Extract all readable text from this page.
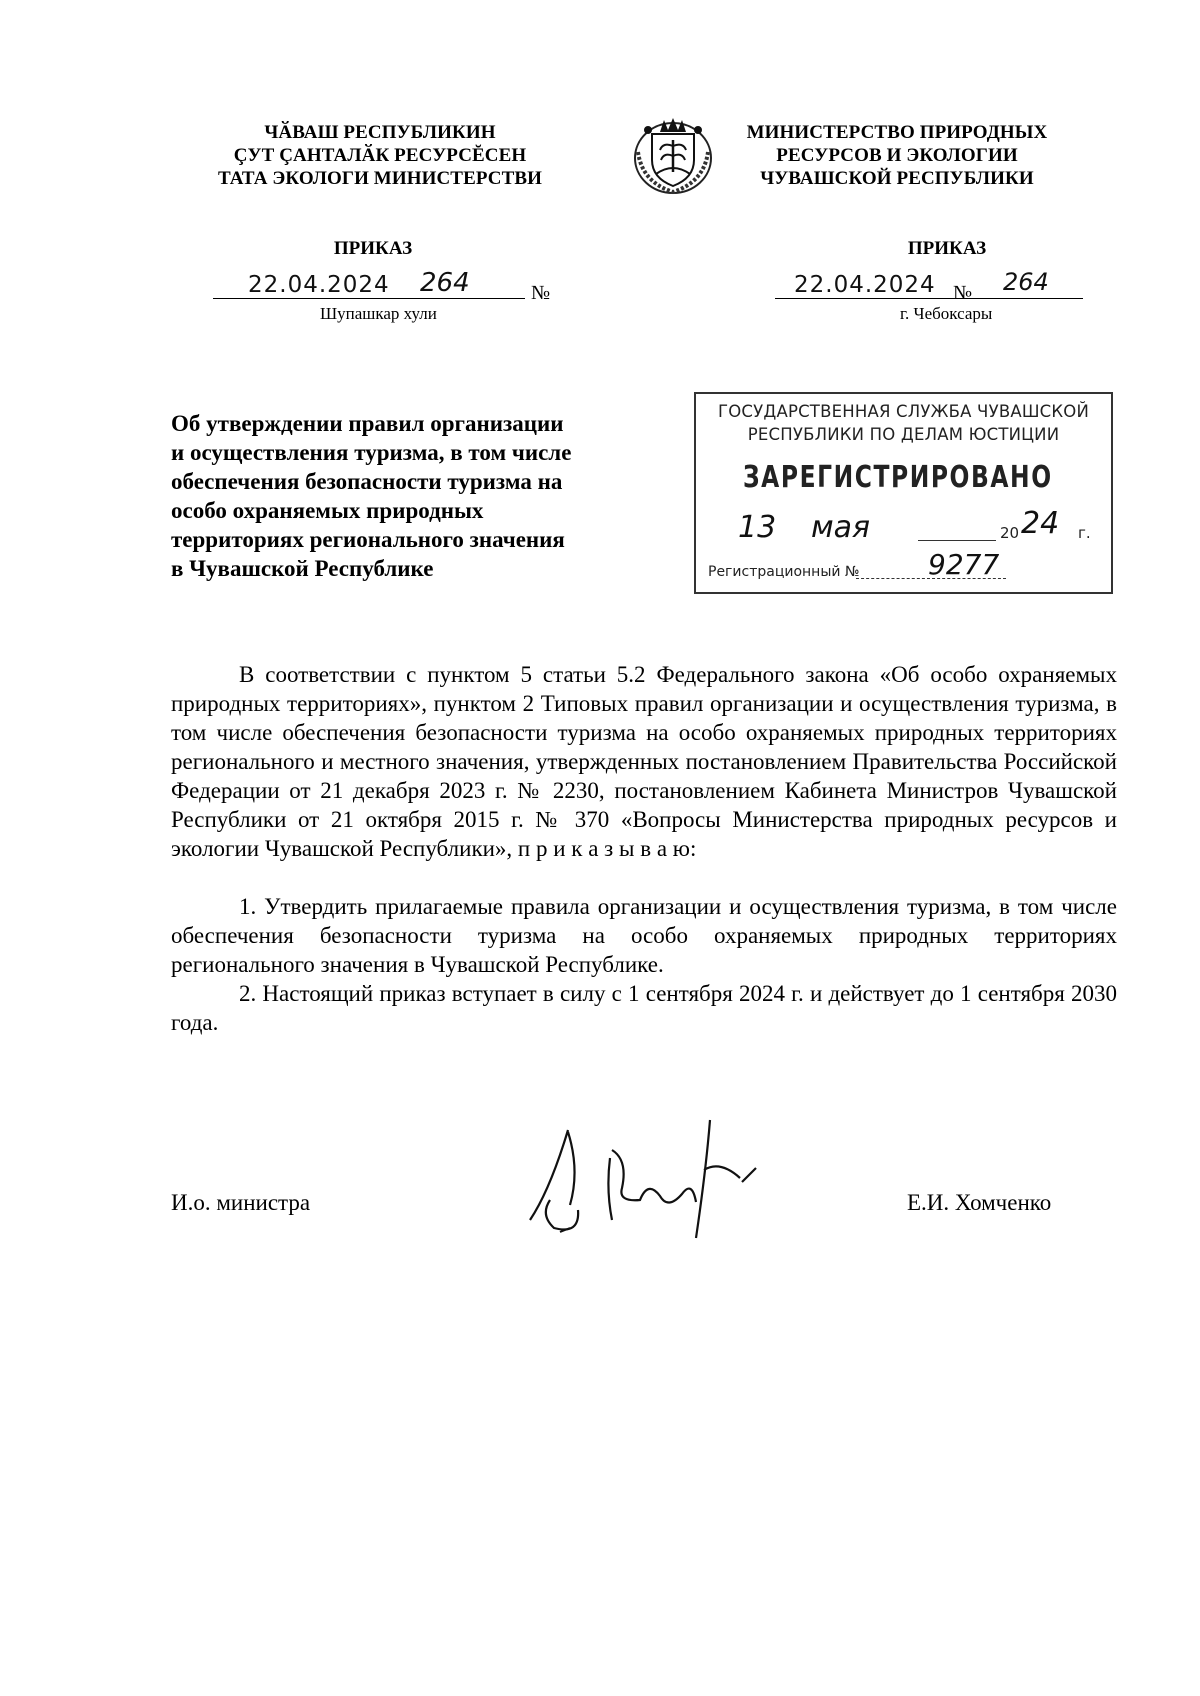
ЧӐВАШ РЕСПУБЛИКИН
ÇУТ ÇАНТАЛӐК РЕСУРСĔСЕН
ТАТА ЭКОЛОГИ МИНИСТЕРСТВИ
МИНИСТЕРСТВО ПРИРОДНЫХ
РЕСУРСОВ И ЭКОЛОГИИ
ЧУВАШСКОЙ РЕСПУБЛИКИ
ПРИКАЗ	ПРИКАЗ
22.04.2024 264	№
Шупашкар хули
22.04.2024 № 264
г. Чебоксары
Об утверждении правил организации
и осуществления туризма, в том числе
обеспечения безопасности туризма на
особо охраняемых природных
территориях регионального значения
в Чувашской Республике
ГОСУДАРСТВЕННАЯ СЛУЖБА ЧУВАШСКОЙ
РЕСПУБЛИКИ ПО ДЕЛАМ ЮСТИЦИИ
ЗАРЕГИСТРИРОВАНО
13 мая	20 24 г.
Регистрационный № 9277

В соответствии с пунктом 5 статьи 5.2 Федерального закона «Об особо охраняемых природных территориях», пунктом 2 Типовых правил организации и осуществления туризма, в том числе обеспечения безопасности туризма на особо охраняемых природных территориях регионального и местного значения, утвержденных постановлением Правительства Российской Федерации от 21 декабря 2023 г. № 2230, постановлением Кабинета Министров Чувашской Республики от 21 октября 2015 г. № 370 «Вопросы Министерства природных ресурсов и экологии Чувашской Республики», п р и к а з ы в а ю:

1. Утвердить прилагаемые правила организации и осуществления туризма, в том числе обеспечения безопасности туризма на особо охраняемых природных территориях регионального значения в Чувашской Республике.

2. Настоящий приказ вступает в силу с 1 сентября 2024 г. и действует до 1 сентября 2030 года.

И.о. министра	Е.И. Хомченко
